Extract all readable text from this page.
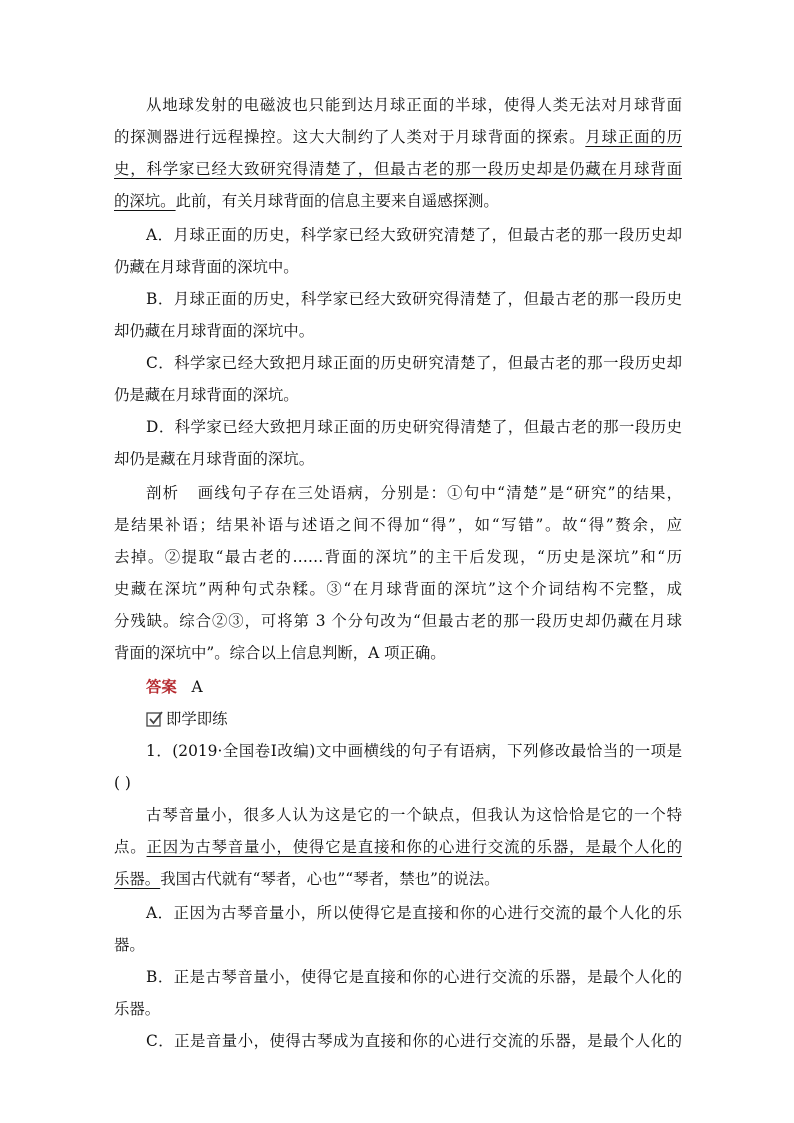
从地球发射的电磁波也只能到达月球正面的半球，使得人类无法对月球背面
的探测器进行远程操控。这大大制约了人类对于月球背面的探索。月球正面的历
史，科学家已经大致研究得清楚了，但最古老的那一段历史却是仍藏在月球背面
的深坑。此前，有关月球背面的信息主要来自遥感探测。
A．月球正面的历史，科学家已经大致研究清楚了，但最古老的那一段历史却
仍藏在月球背面的深坑中。
B．月球正面的历史，科学家已经大致研究得清楚了，但最古老的那一段历史
却仍藏在月球背面的深坑中。
C．科学家已经大致把月球正面的历史研究清楚了，但最古老的那一段历史却
仍是藏在月球背面的深坑。
D．科学家已经大致把月球正面的历史研究得清楚了，但最古老的那一段历史
却仍是藏在月球背面的深坑。
剖析 画线句子存在三处语病，分别是：①句中“清楚”是“研究”的结果，
是结果补语；结果补语与述语之间不得加“得”，如“写错”。故“得”赘余，应
去掉。②提取“最古老的……背面的深坑”的主干后发现，“历史是深坑”和“历
史藏在深坑”两种句式杂糅。③“在月球背面的深坑”这个介词结构不完整，成
分残缺。综合②③，可将第 3 个分句改为“但最古老的那一段历史却仍藏在月球
背面的深坑中”。综合以上信息判断，A 项正确。
答案 A
即学即练
1．(2019·全国卷Ⅰ改编)文中画横线的句子有语病，下列修改最恰当的一项是
( )
古琴音量小，很多人认为这是它的一个缺点，但我认为这恰恰是它的一个特
点。正因为古琴音量小，使得它是直接和你的心进行交流的乐器，是最个人化的
乐器。我国古代就有“琴者，心也”“琴者，禁也”的说法。
A．正因为古琴音量小，所以使得它是直接和你的心进行交流的最个人化的乐
器。
B．正是古琴音量小，使得它是直接和你的心进行交流的乐器，是最个人化的
乐器。
C．正是音量小，使得古琴成为直接和你的心进行交流的乐器，是最个人化的
